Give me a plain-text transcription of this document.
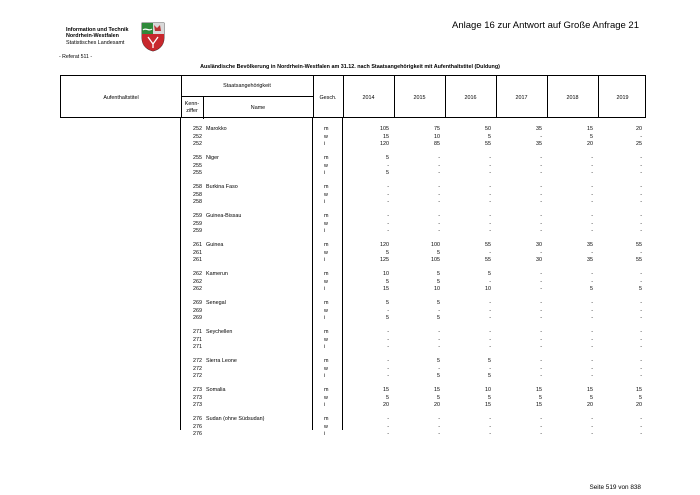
Information und Technik
Nordrhein-Westfalen
Statistisches Landesamt
Anlage 16 zur Antwort auf Große Anfrage 21
- Referat 511 -
Ausländische Bevölkerung in Nordrhein-Westfalen am 31.12. nach Staatsangehörigkeit mit Aufenthaltstitel (Duldung)
Aufenthaltstitel
Staatsangehörigkeit
Kenn-ziffer	Name
Gesch.	2014	2015	2016	2017	2018	2019
252 Marokko	m	105	75	50	35	15	20
252	w	15	10	5	-	5	-
252	i	120	85	55	35	20	25
255 Niger	m	5	-	-	-	-	-
255	w	-	-	-	-	-	-
255	i	5	-	-	-	-	-
258 Burkina Faso	m	-	-	-	-	-	-
258	w	-	-	-	-	-	-
258	i	-	-	-	-	-	-
259 Guinea-Bissau	m	-	-	-	-	-	-
259	w	-	-	-	-	-	-
259	i	-	-	-	-	-	-
261 Guinea	m	120	100	55	30	35	55
261	w	5	5	-	-	-	-
261	i	125	105	55	30	35	55
262 Kamerun	m	10	5	5	-	-	-
262	w	5	5	-	-	-	-
262	i	15	10	10	-	5	5
269 Senegal	m	5	5	-	-	-	-
269	w	-	-	-	-	-	-
269	i	5	5	-	-	-	-
271 Seychellen	m	-	-	-	-	-	-
271	w	-	-	-	-	-	-
271	i	-	-	-	-	-	-
272 Sierra Leone	m	-	5	5	-	-	-
272	w	-	-	-	-	-	-
272	i	-	5	5	-	-	-
273 Somalia	m	15	15	10	15	15	15
273	w	5	5	5	5	5	5
273	i	20	20	15	15	20	20
276 Sudan (ohne Südsudan)	m	-	-	-	-	-	-
276	w	-	-	-	-	-	-
276	i	-	-	-	-	-	-
Seite 519 von 838
